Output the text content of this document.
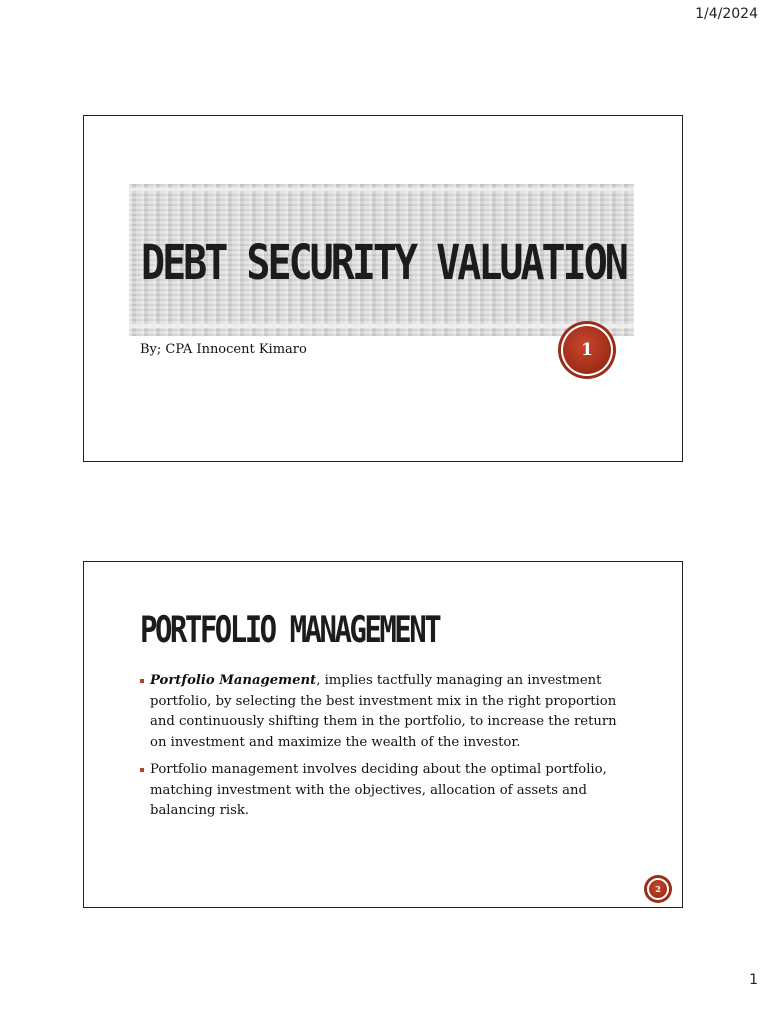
1/4/2024
DEBT SECURITY VALUATION
By; CPA Innocent Kimaro	1
PORTFOLIO MANAGEMENT
Portfolio Management, implies tactfully managing an investment portfolio, by selecting the best investment mix in the right proportion and continuously shifting them in the portfolio, to increase the return on investment and maximize the wealth of the investor.
Portfolio management involves deciding about the optimal portfolio, matching investment with the objectives, allocation of assets and balancing risk.
2
1
